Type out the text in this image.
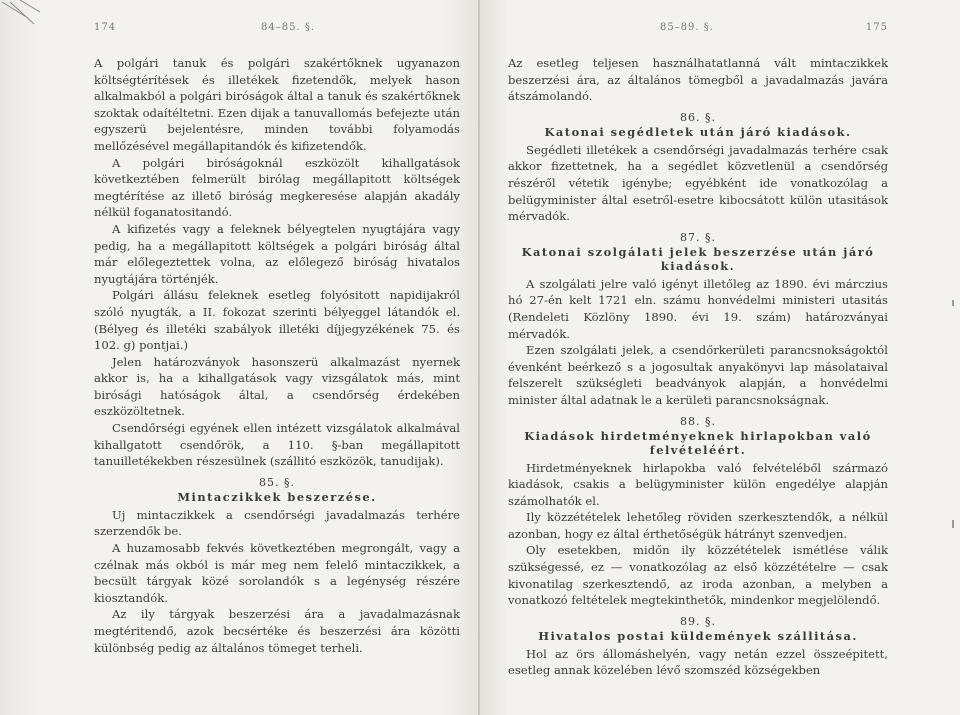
174	84–85. §.

A polgári tanuk és polgári szakértőknek ugyanazon költségtérítések és illetékek fizetendők, melyek hason alkalmakból a polgári biróságok által a tanuk és szakértőknek szoktak odaítéltetni. Ezen dijak a tanuvallomás befejezte után egyszerü bejelentésre, minden további folyamodás mellőzésével megállapitandók és kifizetendők.

A polgári biróságoknál eszközölt kihallgatások következtében felmerült birólag megállapitott költségek megtérítése az illető biróság megkeresése alapján akadály nélkül foganatositandó.

A kifizetés vagy a feleknek bélyegtelen nyugtájára vagy pedig, ha a megállapitott költségek a polgári biróság által már előlegeztettek volna, az előlegező biróság hivatalos nyugtájára történjék.

Polgári állásu feleknek esetleg folyósitott napidijakról szóló nyugták, a II. fokozat szerinti bélyeggel látandók el. (Bélyeg és illetéki szabályok illetéki díjjegyzékének 75. és 102. g) pontjai.)

Jelen határozványok hasonszerü alkalmazást nyernek akkor is, ha a kihallgatások vagy vizsgálatok más, mint birósági hatóságok által, a csendőrség érdekében eszközöltetnek.

Csendőrségi egyének ellen intézett vizsgálatok alkalmával kihallgatott csendőrök, a 110. §-ban megállapitott tanuilletékekben részesülnek (szállitó eszközök, tanudijak).

85. §.
Mintaczikkek beszerzése.

Uj mintaczikkek a csendőrségi javadalmazás terhére szerzendők be.

A huzamosabb fekvés következtében megrongált, vagy a czélnak más okból is már meg nem felelő mintaczikkek, a becsült tárgyak közé sorolandók s a legénység részére kiosztandók.

Az ily tárgyak beszerzési ára a javadalmazásnak megtéritendő, azok becsértéke és beszerzési ára közötti különbség pedig az általános tömeget terheli.

85–89. §.	175

Az esetleg teljesen használhatatlanná vált mintaczikkek beszerzési ára, az általános tömegből a javadalmazás javára átszámolandó.

86. §.
Katonai segédletek után járó kiadások.

Segédleti illetékek a csendőrségi javadalmazás terhére csak akkor fizettetnek, ha a segédlet közvetlenül a csendőrség részéről vétetik igénybe; egyébként ide vonatkozólag a belügyminister által esetről-esetre kibocsátott külön utasitások mérvadók.

87. §.
Katonai szolgálati jelek beszerzése után járó kiadások.

A szolgálati jelre való igényt illetőleg az 1890. évi márczius hó 27-én kelt 1721 eln. számu honvédelmi ministeri utasitás (Rendeleti Közlöny 1890. évi 19. szám) határozványai mérvadók.

Ezen szolgálati jelek, a csendőrkerületi parancsnokságoktól évenként beérkező s a jogosultak anyakönyvi lap másolataival felszerelt szükségleti beadványok alapján, a honvédelmi minister által adatnak le a kerületi parancsnokságnak.

88. §.
Kiadások hirdetményeknek hirlapokban való felvételéért.

Hirdetményeknek hirlapokba való felvételéből származó kiadások, csakis a belügyminister külön engedélye alapján számolhatók el.

Ily közzétételek lehetőleg röviden szerkesztendők, a nélkül azonban, hogy ez által érthetőségük hátrányt szenvedjen.

Oly esetekben, midőn ily közzétételek ismétlése válik szükségessé, ez — vonatkozólag az első közzétételre — csak kivonatilag szerkesztendő, az iroda azonban, a melyben a vonatkozó feltételek megtekinthetők, mindenkor megjelölendő.

89. §.
Hivatalos postai küldemények szállitása.

Hol az örs állomáshelyén, vagy netán ezzel összeépitett, esetleg annak közelében lévő szomszéd községekben
